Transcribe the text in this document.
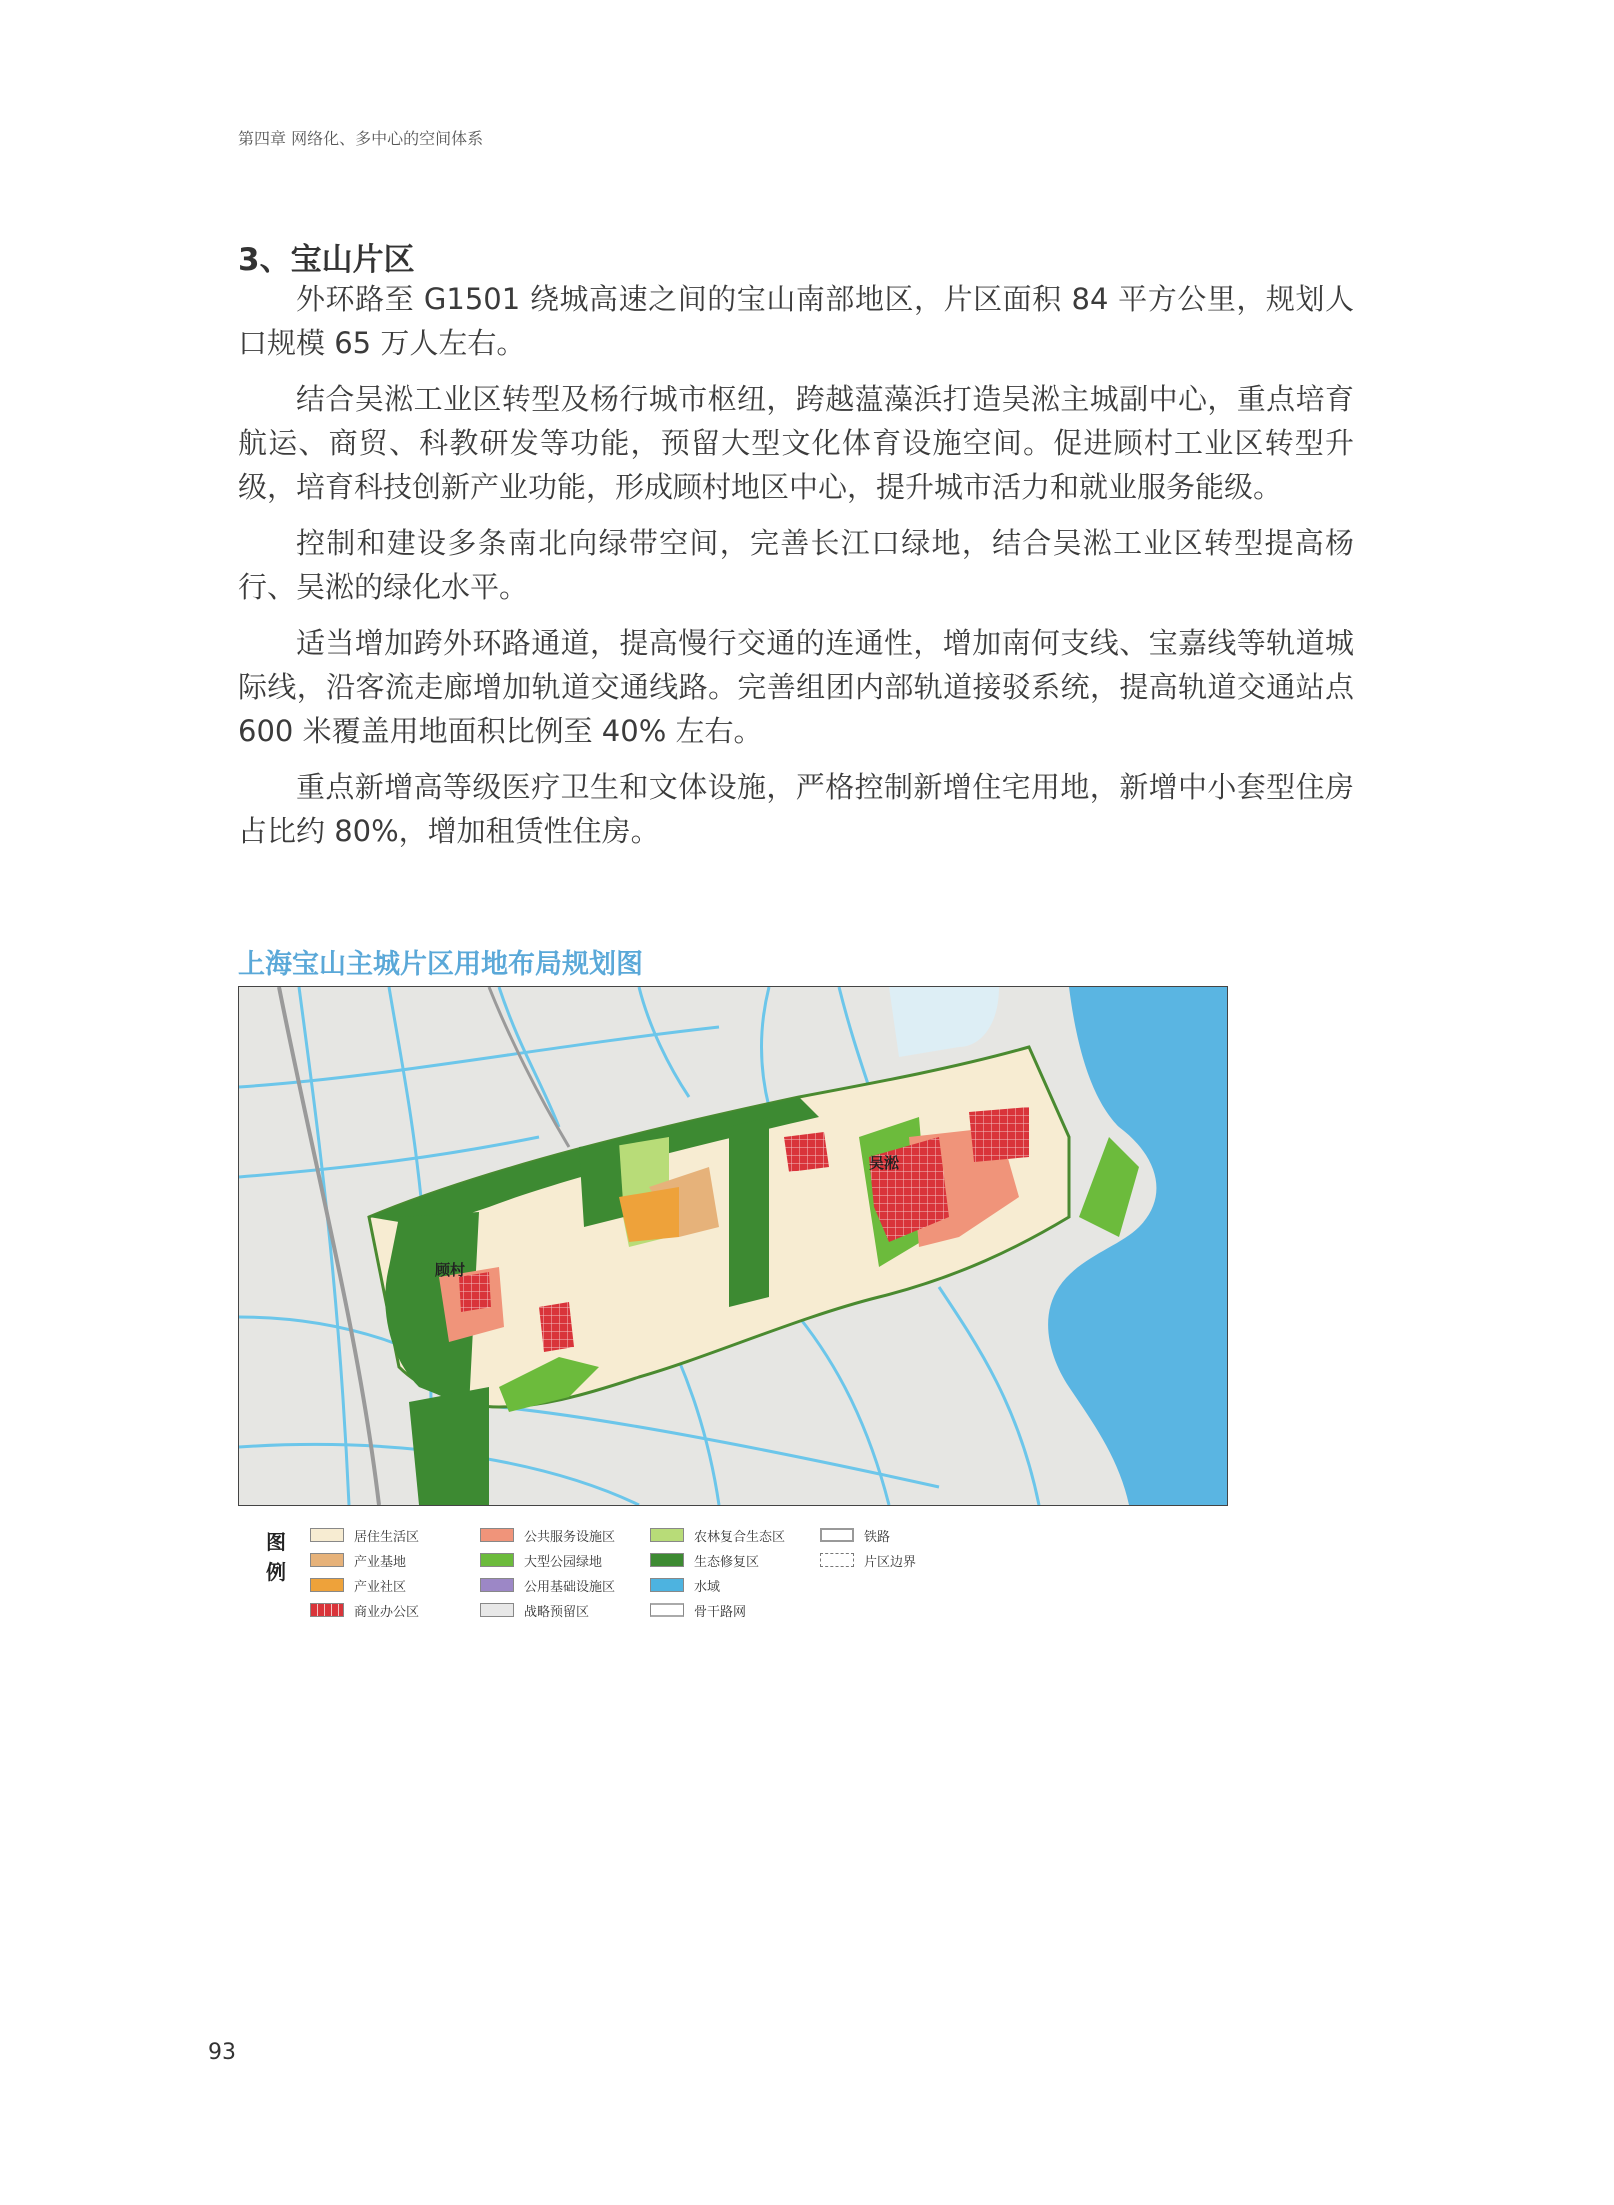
第四章 网络化、多中心的空间体系
3、宝山片区

外环路至 G1501 绕城高速之间的宝山南部地区，片区面积 84 平方公里，规划人口规模 65 万人左右。

结合吴淞工业区转型及杨行城市枢纽，跨越蕰藻浜打造吴淞主城副中心，重点培育航运、商贸、科教研发等功能，预留大型文化体育设施空间。促进顾村工业区转型升级，培育科技创新产业功能，形成顾村地区中心，提升城市活力和就业服务能级。

控制和建设多条南北向绿带空间，完善长江口绿地，结合吴淞工业区转型提高杨行、吴淞的绿化水平。

适当增加跨外环路通道，提高慢行交通的连通性，增加南何支线、宝嘉线等轨道城际线，沿客流走廊增加轨道交通线路。完善组团内部轨道接驳系统，提高轨道交通站点 600 米覆盖用地面积比例至 40% 左右。

重点新增高等级医疗卫生和文体设施，严格控制新增住宅用地，新增中小套型住房占比约 80%，增加租赁性住房。

上海宝山主城片区用地布局规划图
顾村
吴淞
图
例
居住生活区
产业基地
产业社区
商业办公区
公共服务设施区
大型公园绿地
公用基础设施区
战略预留区
农林复合生态区
生态修复区
水域
骨干路网
铁路
片区边界
93
